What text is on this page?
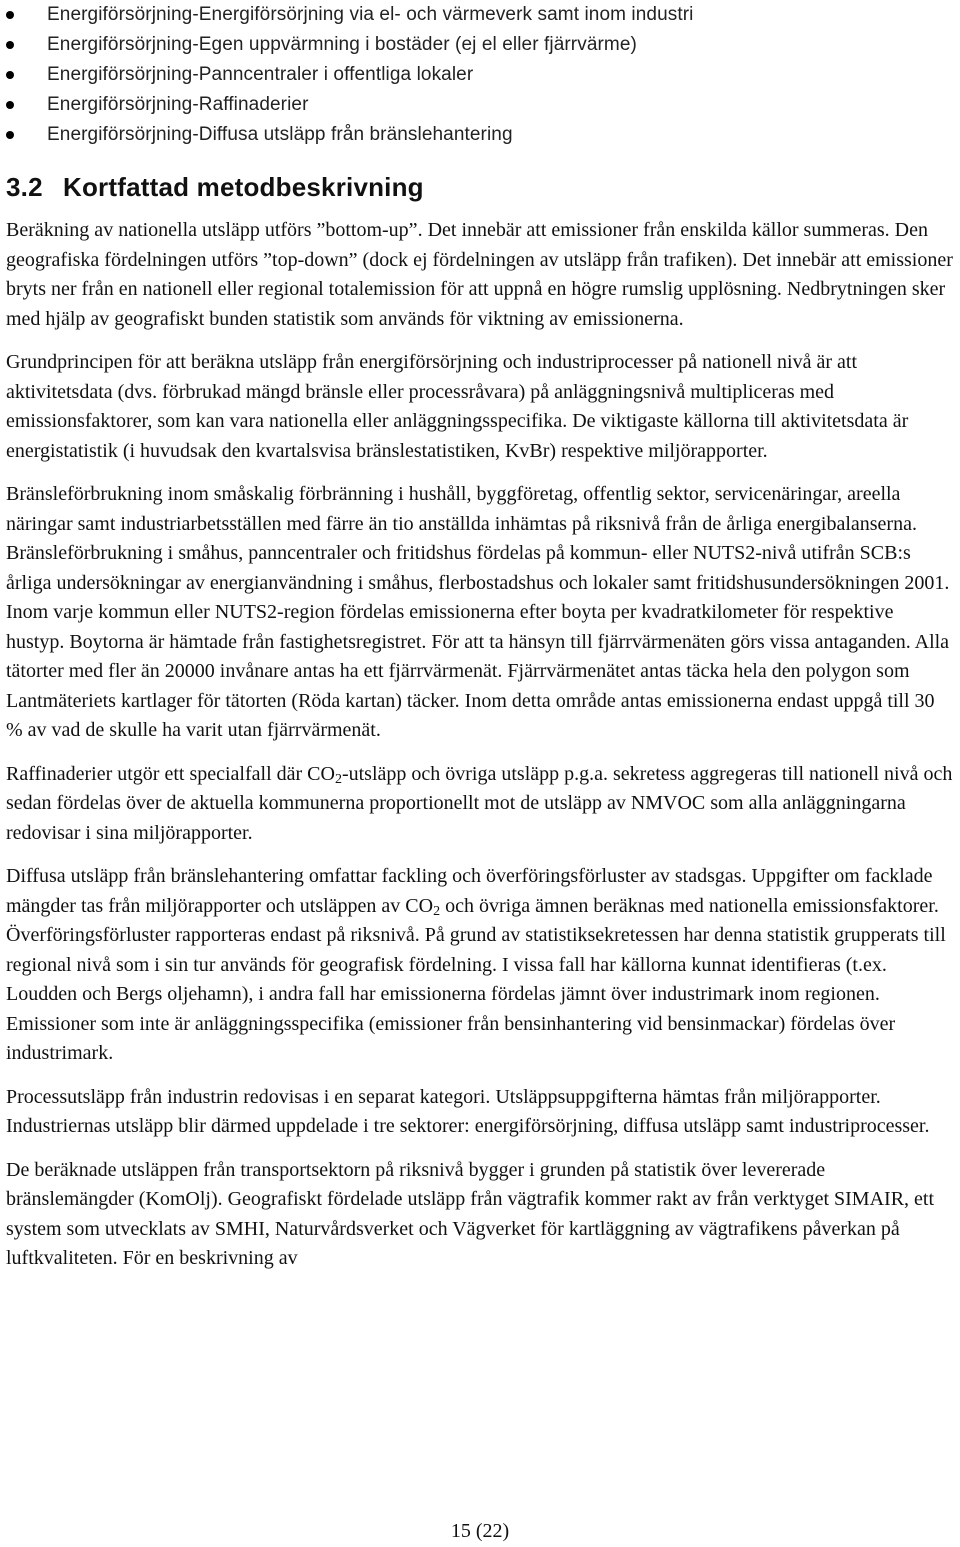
Energiförsörjning-Energiförsörjning via el- och värmeverk samt inom industri
Energiförsörjning-Egen uppvärmning i bostäder (ej el eller fjärrvärme)
Energiförsörjning-Panncentraler i offentliga lokaler
Energiförsörjning-Raffinaderier
Energiförsörjning-Diffusa utsläpp från bränslehantering
3.2 Kortfattad metodbeskrivning

Beräkning av nationella utsläpp utförs ”bottom-up”. Det innebär att emissioner från enskilda källor summeras. Den geografiska fördelningen utförs ”top-down” (dock ej fördelningen av utsläpp från trafiken). Det innebär att emissioner bryts ner från en nationell eller regional totalemission för att uppnå en högre rumslig upplösning. Nedbrytningen sker med hjälp av geografiskt bunden statistik som används för viktning av emissionerna.

Grundprincipen för att beräkna utsläpp från energiförsörjning och industriprocesser på nationell nivå är att aktivitetsdata (dvs. förbrukad mängd bränsle eller processråvara) på anläggningsnivå multipliceras med emissionsfaktorer, som kan vara nationella eller anläggningsspecifika. De viktigaste källorna till aktivitetsdata är energistatistik (i huvudsak den kvartalsvisa bränslestatistiken, KvBr) respektive miljörapporter.

Bränsleförbrukning inom småskalig förbränning i hushåll, byggföretag, offentlig sektor, servicenäringar, areella näringar samt industriarbetsställen med färre än tio anställda inhämtas på riksnivå från de årliga energibalanserna. Bränsleförbrukning i småhus, panncentraler och fritidshus fördelas på kommun- eller NUTS2-nivå utifrån SCB:s årliga undersökningar av energianvändning i småhus, flerbostadshus och lokaler samt fritidshusundersökningen 2001. Inom varje kommun eller NUTS2-region fördelas emissionerna efter boyta per kvadratkilometer för respektive hustyp. Boytorna är hämtade från fastighetsregistret. För att ta hänsyn till fjärrvärmenäten görs vissa antaganden. Alla tätorter med fler än 20000 invånare antas ha ett fjärrvärmenät. Fjärrvärmenätet antas täcka hela den polygon som Lantmäteriets kartlager för tätorten (Röda kartan) täcker. Inom detta område antas emissionerna endast uppgå till 30 % av vad de skulle ha varit utan fjärrvärmenät.

Raffinaderier utgör ett specialfall där $CO_2$-utsläpp och övriga utsläpp p.g.a. sekretess aggregeras till nationell nivå och sedan fördelas över de aktuella kommunerna proportionellt mot de utsläpp av NMVOC som alla anläggningarna redovisar i sina miljörapporter.

Diffusa utsläpp från bränslehantering omfattar fackling och överföringsförluster av stadsgas. Uppgifter om facklade mängder tas från miljörapporter och utsläppen av $CO_2$ och övriga ämnen beräknas med nationella emissionsfaktorer. Överföringsförluster rapporteras endast på riksnivå. På grund av statistiksekretessen har denna statistik grupperats till regional nivå som i sin tur används för geografisk fördelning. I vissa fall har källorna kunnat identifieras (t.ex. Loudden och Bergs oljehamn), i andra fall har emissionerna fördelas jämnt över industrimark inom regionen. Emissioner som inte är anläggningsspecifika (emissioner från bensinhantering vid bensinmackar) fördelas över industrimark.

Processutsläpp från industrin redovisas i en separat kategori. Utsläppsuppgifterna hämtas från miljörapporter. Industriernas utsläpp blir därmed uppdelade i tre sektorer: energiförsörjning, diffusa utsläpp samt industriprocesser.

De beräknade utsläppen från transportsektorn på riksnivå bygger i grunden på statistik över levererade bränslemängder (KomOlj). Geografiskt fördelade utsläpp från vägtrafik kommer rakt av från verktyget SIMAIR, ett system som utvecklats av SMHI, Naturvårdsverket och Vägverket för kartläggning av vägtrafikens påverkan på luftkvaliteten. För en beskrivning av

15 (22)
